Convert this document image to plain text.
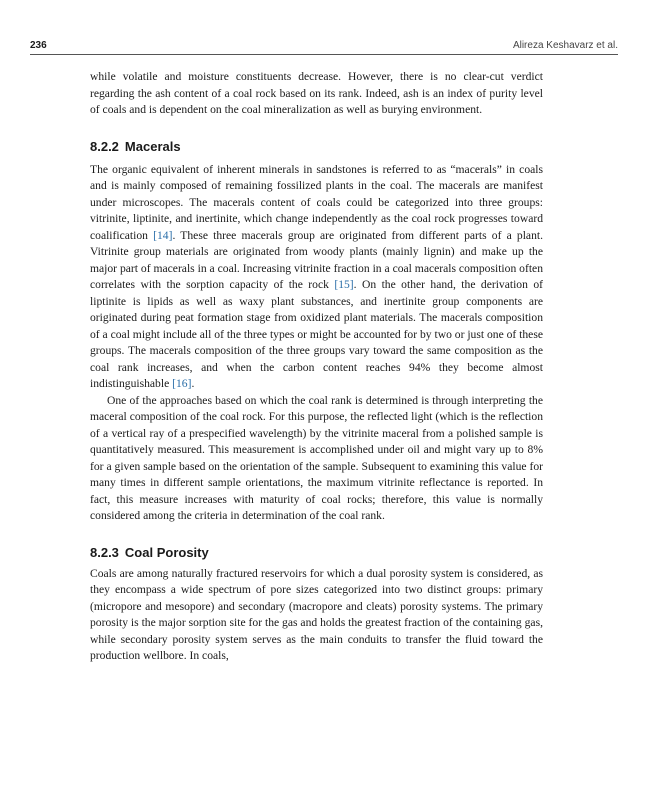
236	Alireza Keshavarz et al.

while volatile and moisture constituents decrease. However, there is no clear-cut verdict regarding the ash content of a coal rock based on its rank. Indeed, ash is an index of purity level of coals and is dependent on the coal mineralization as well as burying environment.

8.2.2 Macerals

The organic equivalent of inherent minerals in sandstones is referred to as “macerals” in coals and is mainly composed of remaining fossilized plants in the coal. The macerals are manifest under microscopes. The macerals content of coals could be categorized into three groups: vitrinite, liptinite, and inertinite, which change independently as the coal rock progresses toward coalification [14]. These three macerals group are originated from different parts of a plant. Vitrinite group materials are originated from woody plants (mainly lignin) and make up the major part of macerals in a coal. Increasing vitrinite fraction in a coal macerals composition often correlates with the sorption capacity of the rock [15]. On the other hand, the derivation of liptinite is lipids as well as waxy plant substances, and inertinite group components are originated during peat formation stage from oxidized plant materials. The macerals composition of a coal might include all of the three types or might be accounted for by two or just one of these groups. The macerals composition of the three groups vary toward the same composition as the coal rank increases, and when the carbon content reaches 94% they become almost indistinguishable [16].

One of the approaches based on which the coal rank is determined is through interpreting the maceral composition of the coal rock. For this purpose, the reflected light (which is the reflection of a vertical ray of a prespecified wavelength) by the vitrinite maceral from a polished sample is quantitatively measured. This measurement is accomplished under oil and might vary up to 8% for a given sample based on the orientation of the sample. Subsequent to examining this value for many times in different sample orientations, the maximum vitrinite reflectance is reported. In fact, this measure increases with maturity of coal rocks; therefore, this value is normally considered among the criteria in determination of the coal rank.

8.2.3 Coal Porosity

Coals are among naturally fractured reservoirs for which a dual porosity system is considered, as they encompass a wide spectrum of pore sizes categorized into two distinct groups: primary (micropore and mesopore) and secondary (macropore and cleats) porosity systems. The primary porosity is the major sorption site for the gas and holds the greatest fraction of the containing gas, while secondary porosity system serves as the main conduits to transfer the fluid toward the production wellbore. In coals,
